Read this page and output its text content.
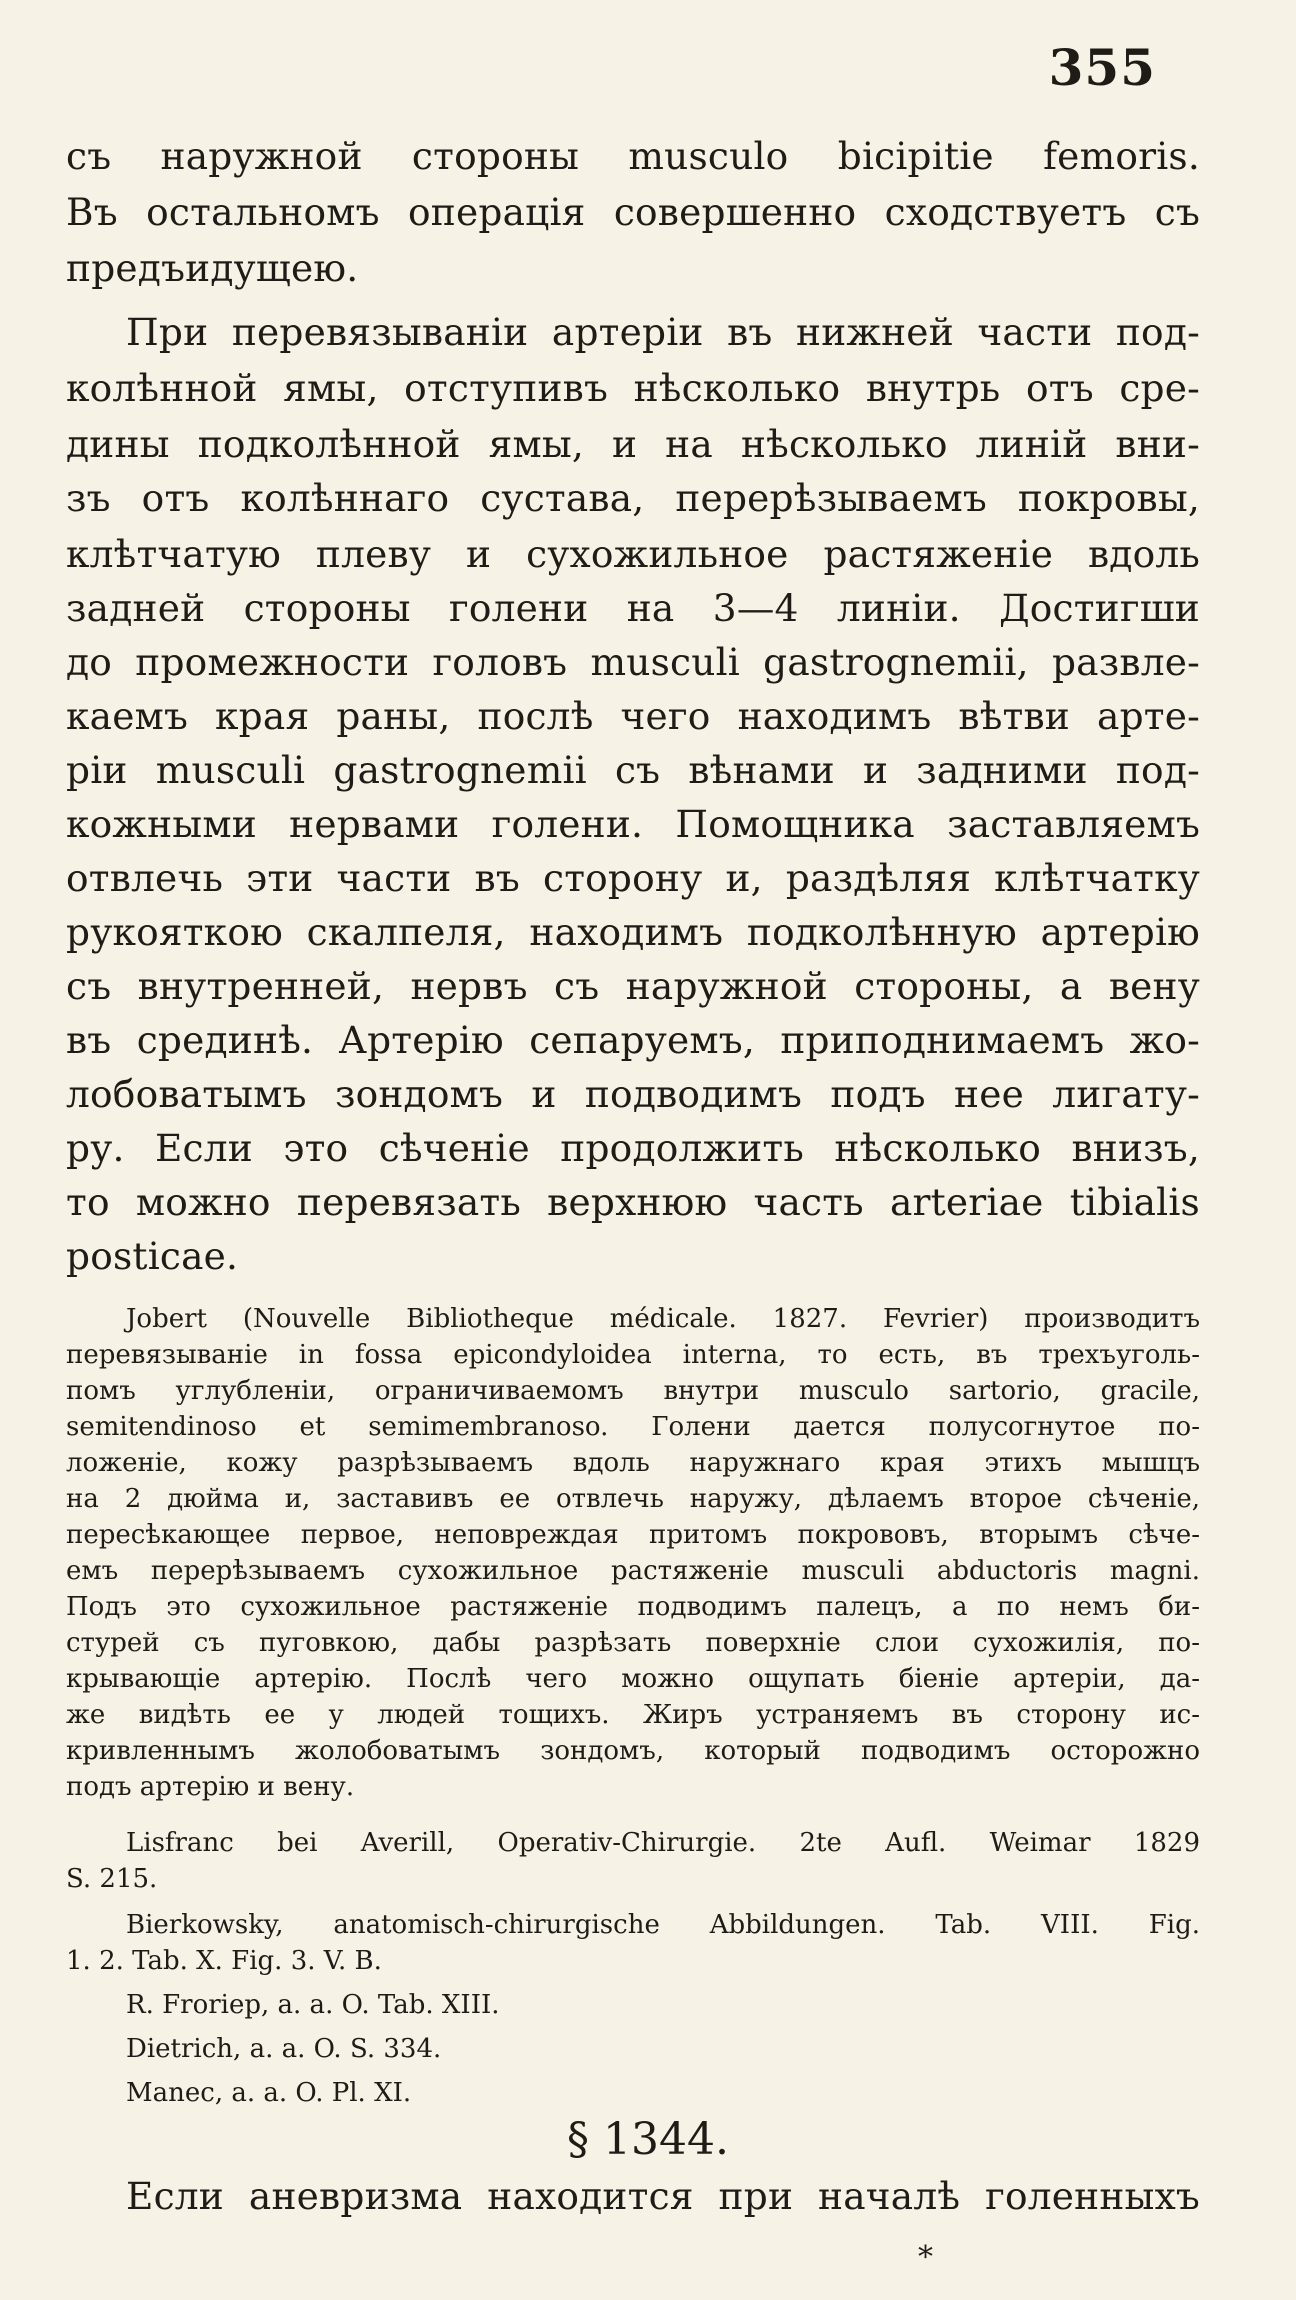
355
съ наружной стороны musculo bicipitie femoris.
Въ остальномъ операція совершенно сходствуетъ съ
предъидущею.
При перевязываніи артеріи въ нижней части под-
колѣнной ямы, отступивъ нѣсколько внутрь отъ сре-
дины подколѣнной ямы, и на нѣсколько линій вни-
зъ отъ колѣннаго сустава, перерѣзываемъ покровы,
клѣтчатую плеву и сухожильное растяженіе вдоль
задней стороны голени на 3—4 линіи. Достигши
до промежности головъ musculi gastrognemii, развле-
каемъ края раны, послѣ чего находимъ вѣтви арте-
ріи musculi gastrognemii съ вѣнами и задними под-
кожными нервами голени. Помощника заставляемъ
отвлечь эти части въ сторону и, раздѣляя клѣтчатку
рукояткою скалпеля, находимъ подколѣнную артерію
съ внутренней, нервъ съ наружной стороны, а вену
въ срединѣ. Артерію сепаруемъ, приподнимаемъ жо-
лобоватымъ зондомъ и подводимъ подъ нее лигату-
ру. Если это сѣченіе продолжить нѣсколько внизъ,
то можно перевязать верхнюю часть arteriae tibialis
posticae.
Jobert (Nouvelle Bibliotheque médicale. 1827. Fevrier) производитъ
перевязываніе in fossa epicondyloidea interna, то есть, въ трехъуголь-
помъ углубленіи, ограничиваемомъ внутри musculo sartorio, gracile,
semitendinoso et semimembranoso. Голени дается полусогнутое по-
ложеніе, кожу разрѣзываемъ вдоль наружнаго края этихъ мышцъ
на 2 дюйма и, заставивъ ее отвлечь наружу, дѣлаемъ второе сѣченіе,
пересѣкающее первое, неповреждая притомъ покрововъ, вторымъ сѣче-
емъ перерѣзываемъ сухожильное растяженіе musculi abductoris magni.
Подъ это сухожильное растяженіе подводимъ палецъ, а по немъ би-
стурей съ пуговкою, дабы разрѣзать поверхніе слои сухожилія, по-
крывающіе артерію. Послѣ чего можно ощупать біеніе артеріи, да-
же видѣть ее у людей тощихъ. Жиръ устраняемъ въ сторону ис-
кривленнымъ жолобоватымъ зондомъ, который подводимъ осторожно
подъ артерію и вену.
Lisfranc bei Averill, Operativ-Chirurgie. 2te Aufl. Weimar 1829
S. 215.
Bierkowsky, anatomisch-chirurgische Abbildungen. Tab. VIII. Fig.
1. 2. Tab. X. Fig. 3. V. B.
R. Froriep, a. a. O. Tab. XIII.
Dietrich, a. a. O. S. 334.
Manec, a. a. O. Pl. XI.
§ 1344.
Если аневризма находится при началѣ голенныхъ
*
